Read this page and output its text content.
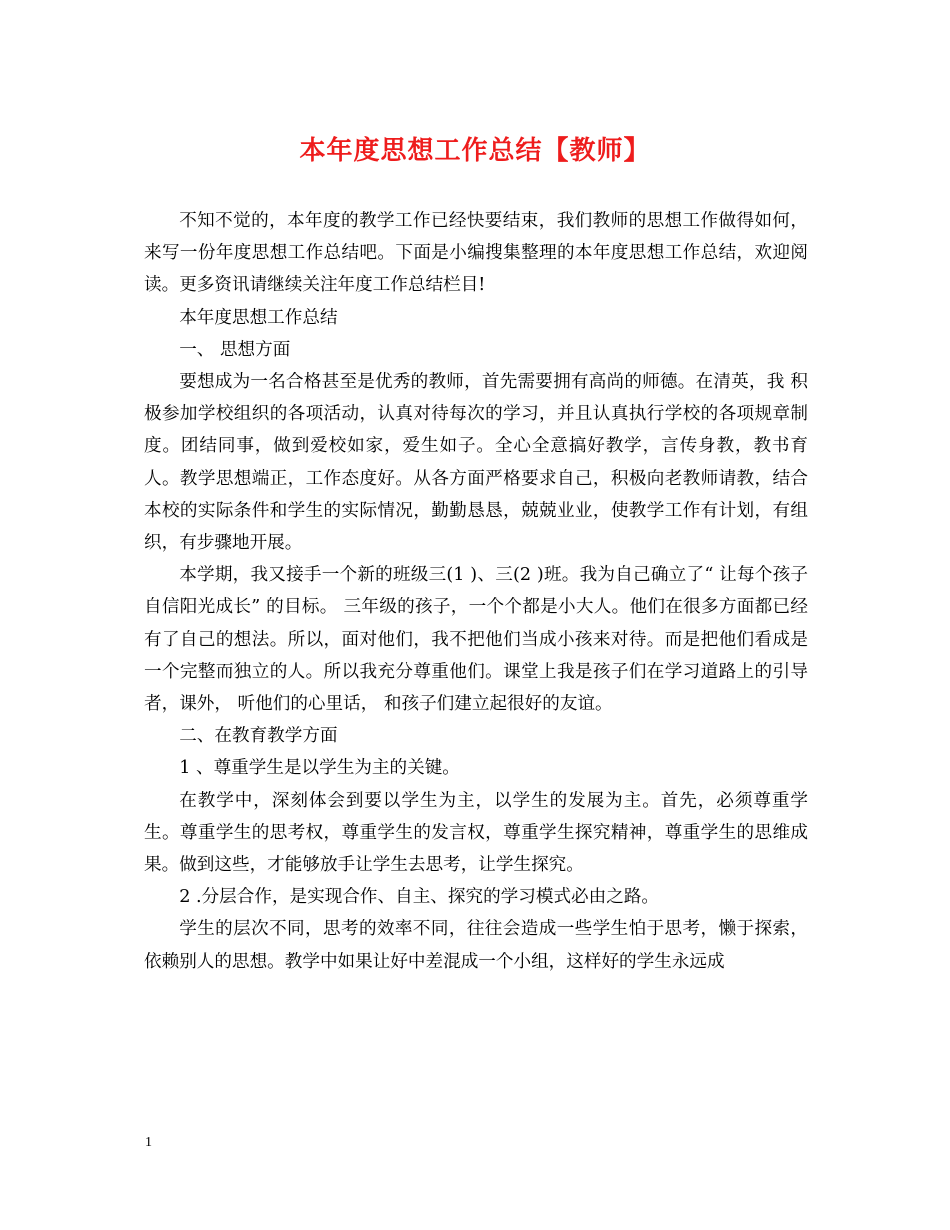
本年度思想工作总结【教师】

不知不觉的，本年度的教学工作已经快要结束，我们教师的思想工作做得如何，来写一份年度思想工作总结吧。下面是小编搜集整理的本年度思想工作总结，欢迎阅读。更多资讯请继续关注年度工作总结栏目!

本年度思想工作总结

一、 思想方面

要想成为一名合格甚至是优秀的教师，首先需要拥有高尚的师德。在清英，我 积极参加学校组织的各项活动，认真对待每次的学习，并且认真执行学校的各项规章制度。团结同事，做到爱校如家，爱生如子。全心全意搞好教学，言传身教，教书育人。教学思想端正，工作态度好。从各方面严格要求自己，积极向老教师请教，结合本校的实际条件和学生的实际情况，勤勤恳恳，兢兢业业，使教学工作有计划，有组织，有步骤地开展。

本学期，我又接手一个新的班级三(1 )、三(2 )班。我为自己确立了“ 让每个孩子自信阳光成长” 的目标。 三年级的孩子，一个个都是小大人。他们在很多方面都已经有了自己的想法。所以，面对他们，我不把他们当成小孩来对待。而是把他们看成是一个完整而独立的人。所以我充分尊重他们。课堂上我是孩子们在学习道路上的引导者，课外， 听他们的心里话， 和孩子们建立起很好的友谊。

二、在教育教学方面

1 、尊重学生是以学生为主的关键。

在教学中，深刻体会到要以学生为主，以学生的发展为主。首先，必须尊重学生。尊重学生的思考权，尊重学生的发言权，尊重学生探究精神，尊重学生的思维成果。做到这些，才能够放手让学生去思考，让学生探究。

2 .分层合作，是实现合作、自主、探究的学习模式必由之路。

学生的层次不同，思考的效率不同，往往会造成一些学生怕于思考，懒于探索，依赖别人的思想。教学中如果让好中差混成一个小组，这样好的学生永远成

1
